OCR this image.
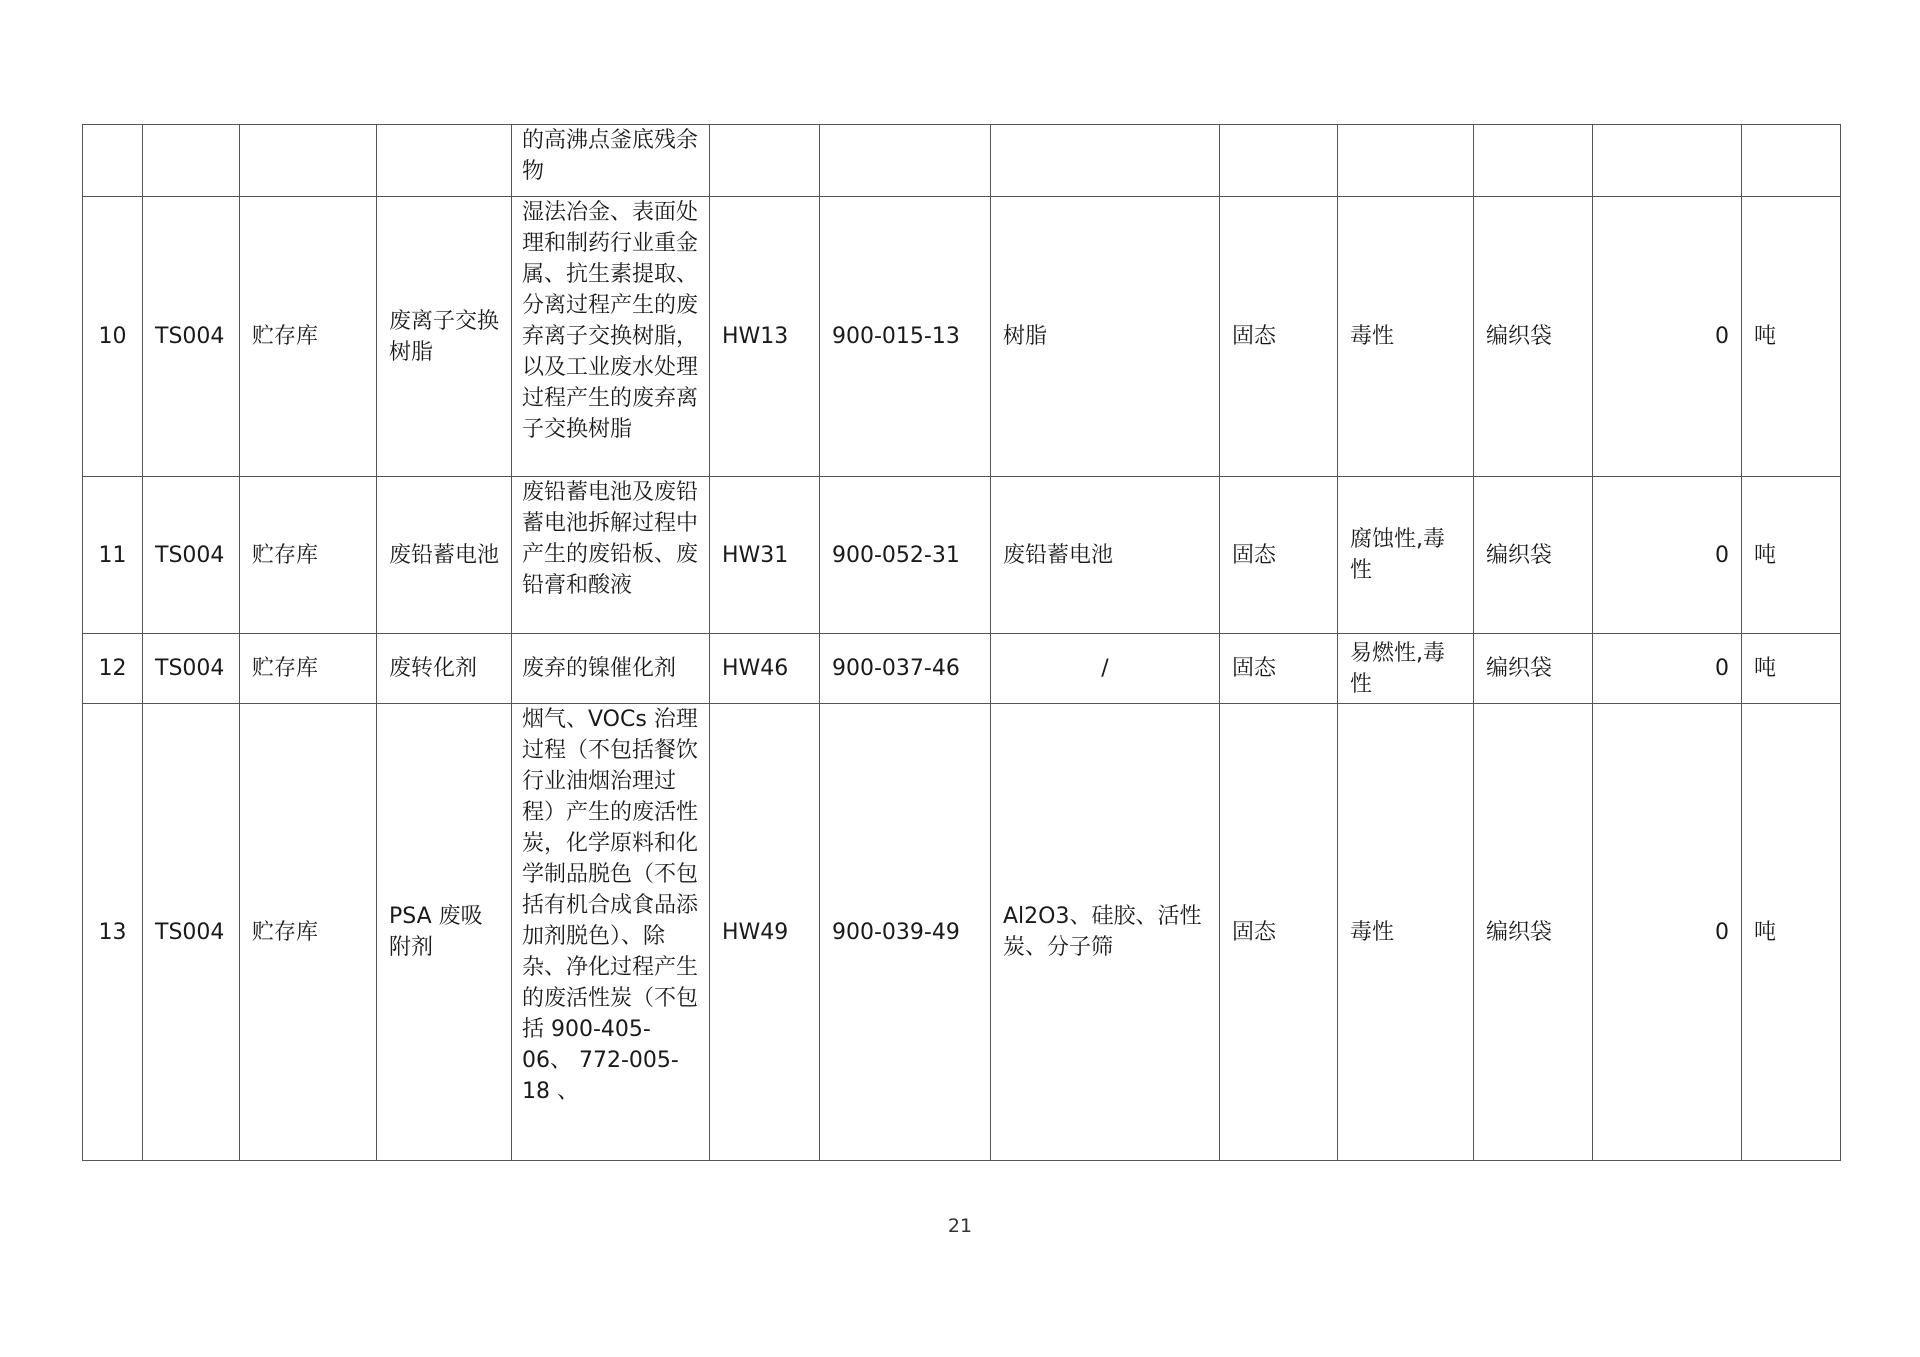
				的高沸点釜底残余物								

10	TS004	贮存库	废离子交换树脂	湿法冶金、表面处理和制药行业重金属、抗生素提取、分离过程产生的废弃离子交换树脂，以及工业废水处理过程产生的废弃离子交换树脂	HW13	900-015-13	树脂	固态	毒性	编织袋	0	吨
11	TS004	贮存库	废铅蓄电池	废铅蓄电池及废铅蓄电池拆解过程中产生的废铅板、废铅膏和酸液	HW31	900-052-31	废铅蓄电池	固态	腐蚀性,毒性	编织袋	0	吨
12	TS004	贮存库	废转化剂	废弃的镍催化剂	HW46	900-037-46	/	固态	易燃性,毒性	编织袋	0	吨
13	TS004	贮存库	PSA 废吸附剂	烟气、VOCs 治理过程（不包括餐饮行业油烟治理过程）产生的废活性炭，化学原料和化学制品脱色（不包括有机合成食品添加剂脱色）、除杂、净化过程产生的废活性炭（不包括 900-405-06、 772-005-18 、	HW49	900-039-49	Al2O3、硅胶、活性炭、分子筛	固态	毒性	编织袋	0	吨
21
